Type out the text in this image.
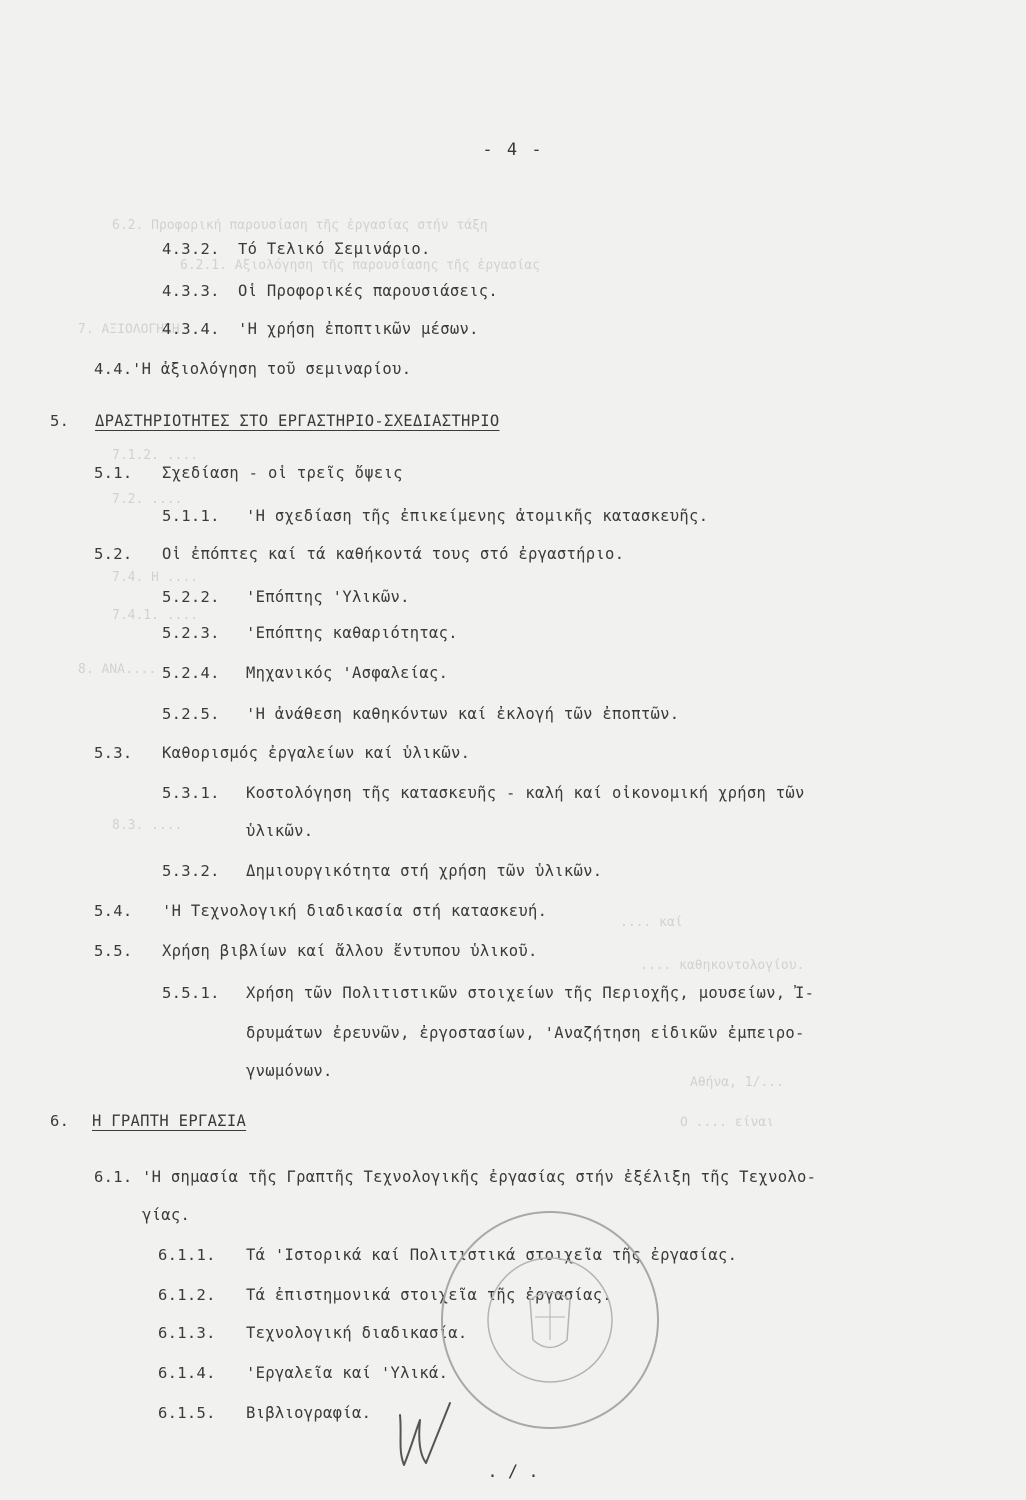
6.2. Προφορική παρουσίαση τῆς ἐργασίας στήν τάξη
6.2.1. Αξιολόγηση τῆς παρουσίασης τῆς ἐργασίας
7. ΑΞΙΟΛΟΓΗΣΗ
7.1.2. ....
7.2. ....
7.4. Η ....
7.4.1. ....
8. ΑΝΑ....
8.3. ....
.... καί
.... καθηκοντολογίου.
Αθήνα, 1/...
Ο .... είναι
- 4 -
4.3.2. Tό Τελικό Σεμινάριο.
4.3.3. Οἱ Προφορικές παρουσιάσεις.
4.3.4. 'Η χρήση ἐποπτικῶν μέσων.
4.4. 'Η ἀξιολόγηση τοῦ σεμιναρίου.
5. ΔΡΑΣΤΗΡΙΟΤΗΤΕΣ ΣΤΟ ΕΡΓΑΣΤΗΡΙΟ-ΣΧΕΔΙΑΣΤΗΡΙΟ
5.1. Σχεδίαση - οἱ τρεῖς ὄψεις
5.1.1. 'Η σχεδίαση τῆς ἐπικείμενης ἀτομικῆς κατασκευῆς.
5.2. Οἱ ἐπόπτες καί τά καθήκοντά τους στό ἐργαστήριο.
5.2.2. 'Επόπτης 'Υλικῶν.
5.2.3. 'Επόπτης καθαριότητας.
5.2.4. Μηχανικός 'Ασφαλείας.
5.2.5. 'Η ἀνάθεση καθηκόντων καί ἐκλογή τῶν ἐποπτῶν.
5.3. Καθορισμός ἐργαλείων καί ὑλικῶν.
5.3.1. Κοστολόγηση τῆς κατασκευῆς - καλή καί οἰκονομική χρήση τῶν
ὑλικῶν.
5.3.2. Δημιουργικότητα στή χρήση τῶν ὑλικῶν.
5.4. 'Η Τεχνολογική διαδικασία στή κατασκευή.
5.5. Χρήση βιβλίων καί ἄλλου ἔντυπου ὑλικοῦ.
5.5.1. Χρήση τῶν Πολιτιστικῶν στοιχείων τῆς Περιοχῆς, μουσείων, Ἰ-
δρυμάτων ἐρευνῶν, ἐργοστασίων, 'Αναζήτηση εἰδικῶν ἐμπειρο-
γνωμόνων.
6. Η ΓΡΑΠΤΗ ΕΡΓΑΣΙΑ
6.1. 'Η σημασία τῆς Γραπτῆς Τεχνολογικῆς ἐργασίας στήν ἐξέλιξη τῆς Τεχνολο-
γίας.
6.1.1. Τά 'Ιστορικά καί Πολιτιστικά στοιχεῖα τῆς ἐργασίας.
6.1.2. Τά ἐπιστημονικά στοιχεῖα τῆς ἐργασίας.
6.1.3. Τεχνολογική διαδικασία.
6.1.4. 'Εργαλεῖα καί 'Υλικά.
6.1.5. Βιβλιογραφία.
. / .
